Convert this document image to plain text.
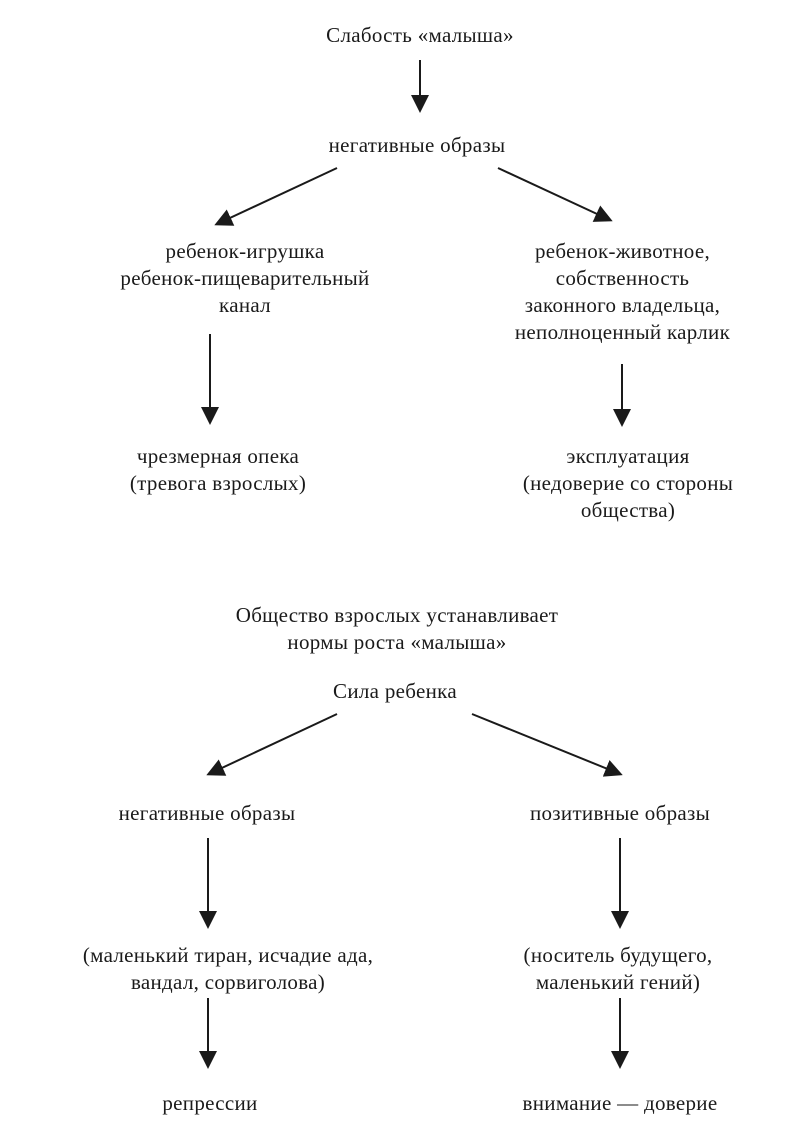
Слабость «малыша»
негативные образы
ребенок-игрушка
ребенок-пищеварительный
канал
ребенок-животное,
собственность
законного владельца,
неполноценный карлик
чрезмерная опека
(тревога взрослых)
эксплуатация
(недоверие со стороны
общества)
Общество взрослых устанавливает
нормы роста «малыша»
Сила ребенка
негативные образы	позитивные образы
(маленький тиран, исчадие ада,
вандал, сорвиголова)
(носитель будущего,
маленький гений)
репрессии	внимание — доверие
